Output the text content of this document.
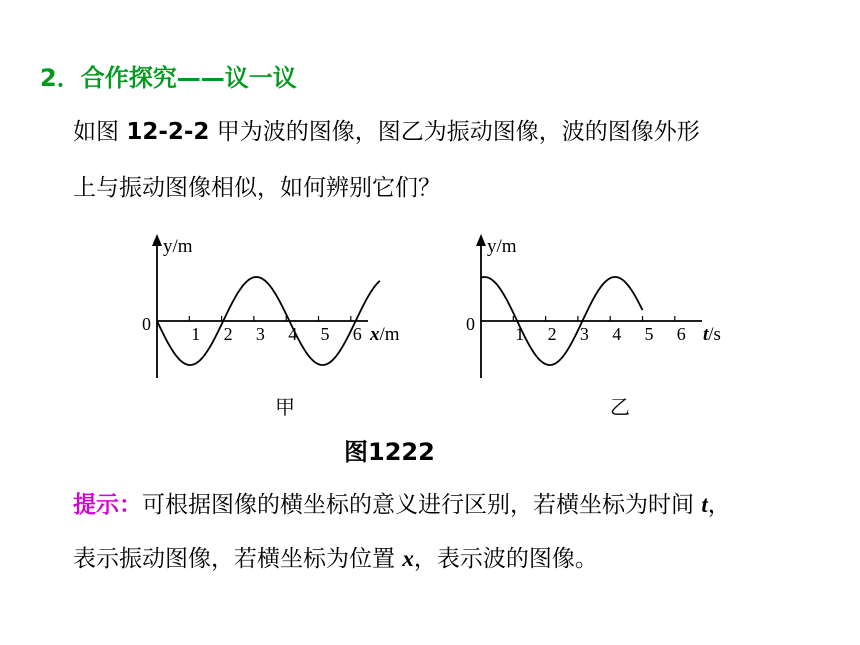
2．合作探究——议一议
如图 12-2-2 甲为波的图像，图乙为振动图像，波的图像外形
上与振动图像相似，如何辨别它们？
y/m
0 1 2 3 4 5 6 x/m
甲
y/m
0 1 2 3 4 5 6 t/s
乙
图1222
提示：可根据图像的横坐标的意义进行区别，若横坐标为时间 t，
表示振动图像，若横坐标为位置 x，表示波的图像。
